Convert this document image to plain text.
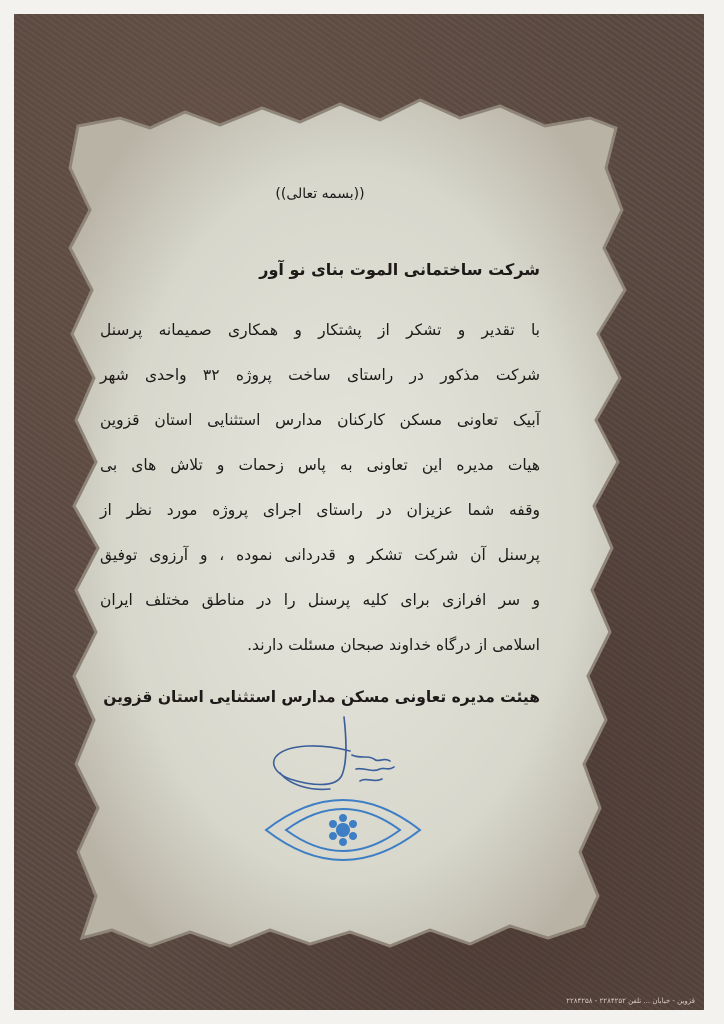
((بسمه تعالی))
شرکت ساختمانی الموت بنای نو آور
با تقدیر و تشکر از پشتکار و همکاری صمیمانه پرسنل
شرکت مذکور در راستای ساخت پروژه ۳۲ واحدی شهر
آبیک تعاونی مسکن کارکنان مدارس استثنایی استان قزوین
هیات مدیره این تعاونی به پاس زحمات و تلاش های بی
وقفه شما عزیزان در راستای اجرای پروژه مورد نظر از
پرسنل آن شرکت تشکر و قدردانی نموده ، و آرزوی توفیق
و سر افرازی برای کلیه پرسنل را در مناطق مختلف ایران
اسلامی از درگاه خداوند صبحان مسئلت دارند.
هیئت مدیره تعاونی مسکن مدارس استثنایی استان قزوین
قزوین - خیابان ... تلفن ۲۲۸۴۲۵۲ - ۲۲۸۴۲۵۸
